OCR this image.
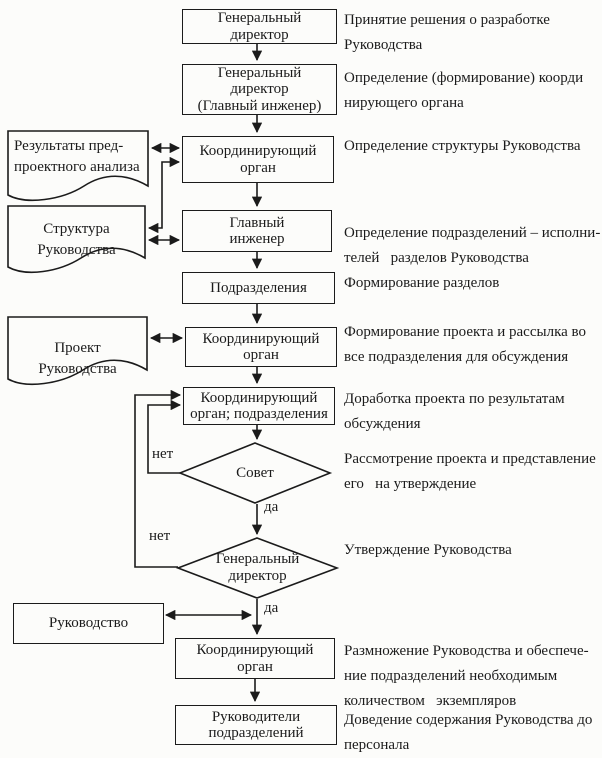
Генеральный
директор
Генеральный
директор
(Главный инженер)
Координирующий
орган
Главный
инженер
Подразделения
Координирующий
орган
Координирующий
орган; подразделения
Руководство
Координирующий
орган
Руководители
подразделений
Совет
Генеральный
директор
Результаты пред-
проектного анализа
Структура
Руководства
Проект
Руководства
нет
да
нет
да
Принятие решения о разработке
Руководства
Определение (формирование) коорди
нирующего органа
Определение структуры Руководства
Определение подразделений – исполни-
телей   разделов Руководства
Формирование разделов
Формирование проекта и рассылка во
все подразделения для обсуждения
Доработка проекта по результатам
обсуждения
Рассмотрение проекта и представление
его   на утверждение
Утверждение Руководства
Размножение Руководства и обеспече-
ние подразделений необходимым
количеством   экземпляров
Доведение содержания Руководства до
персонала
